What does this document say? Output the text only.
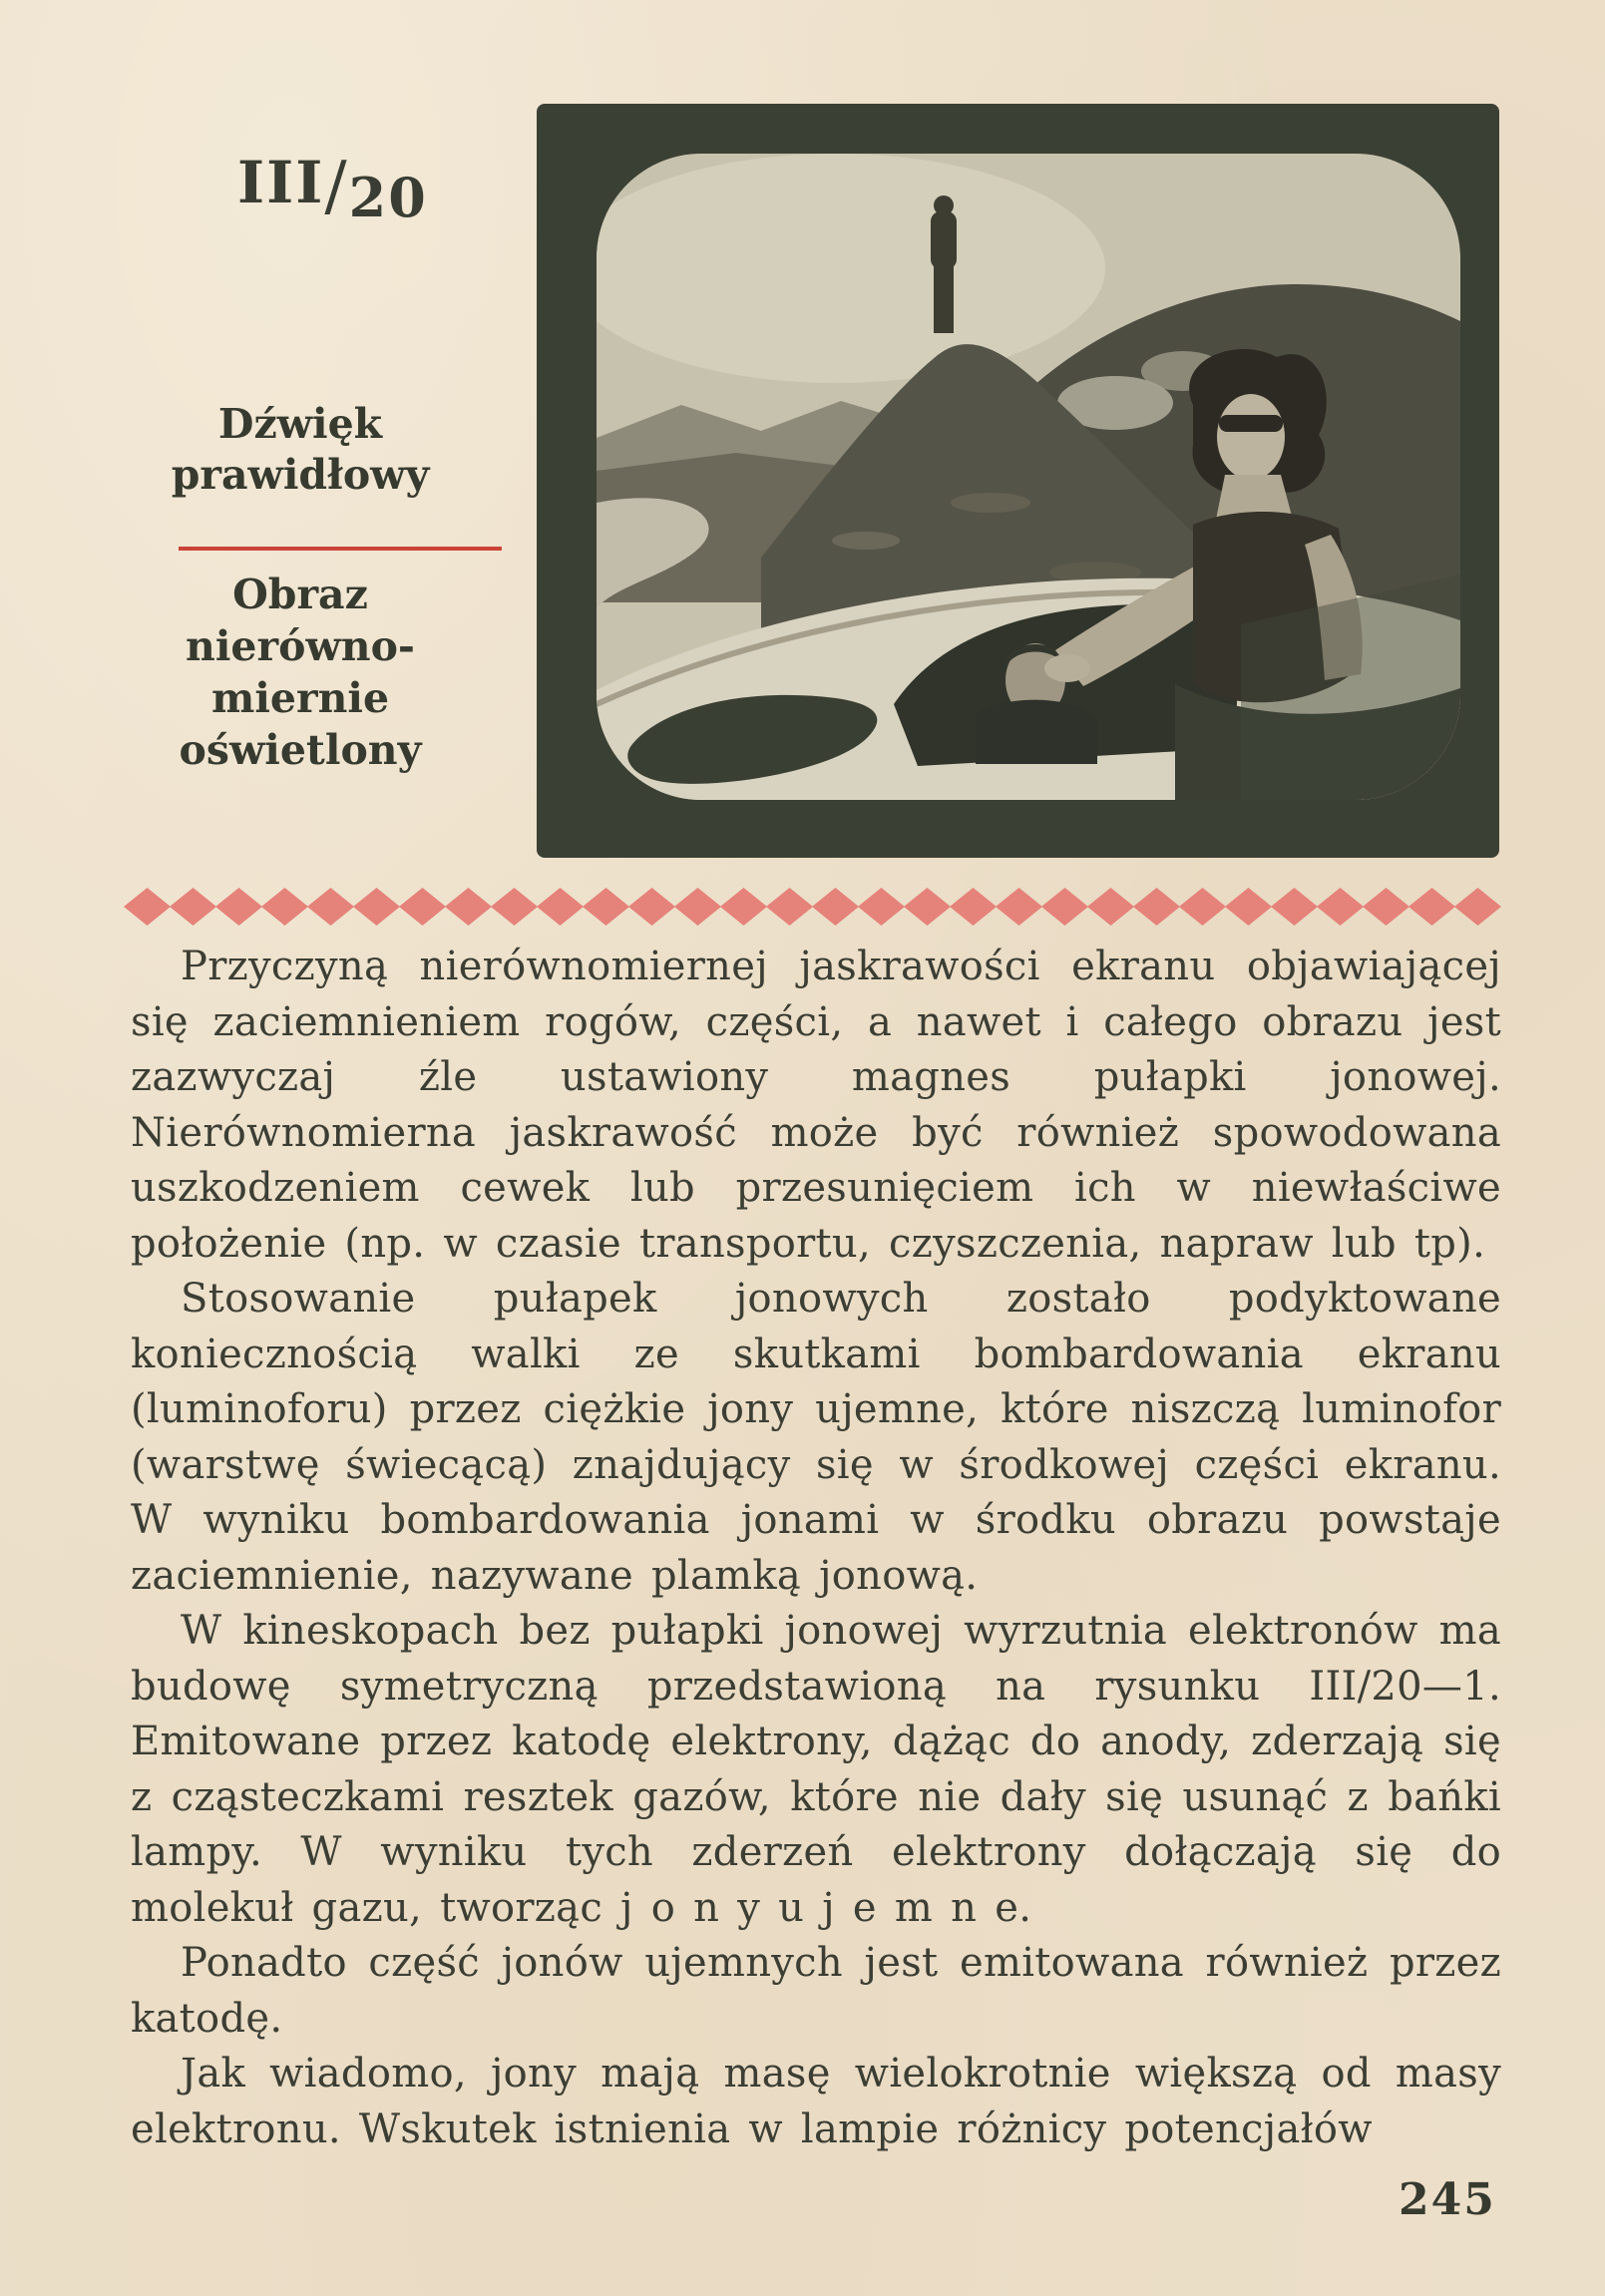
III/20
Dźwięk
prawidłowy
Obraz
nierówno-
miernie
oświetlony

Przyczyną nierównomiernej jaskrawości ekranu objawiającej się zaciemnieniem rogów, części, a nawet i całego obrazu jest zazwyczaj źle ustawiony magnes pułapki jonowej. Nierównomierna jaskrawość może być również spowodowana uszkodzeniem cewek lub przesunięciem ich w niewłaściwe położenie (np. w czasie transportu, czyszczenia, napraw lub tp).

Stosowanie pułapek jonowych zostało podyktowane koniecznością walki ze skutkami bombardowania ekranu (luminoforu) przez ciężkie jony ujemne, które niszczą luminofor (warstwę świecącą) znajdujący się w środkowej części ekranu. W wyniku bombardowania jonami w środku obrazu powstaje zaciemnienie, nazywane plamką jonową.

W kineskopach bez pułapki jonowej wyrzutnia elektronów ma budowę symetryczną przedstawioną na rysunku III/20—1. Emitowane przez katodę elektrony, dążąc do anody, zderzają się z cząsteczkami resztek gazów, które nie dały się usunąć z bańki lampy. W wyniku tych zderzeń elektrony dołączają się do molekuł gazu, tworząc j o n y u j e m n e.

Ponadto część jonów ujemnych jest emitowana również przez katodę.

Jak wiadomo, jony mają masę wielokrotnie większą od masy elektronu. Wskutek istnienia w lampie różnicy potencjałów

245
